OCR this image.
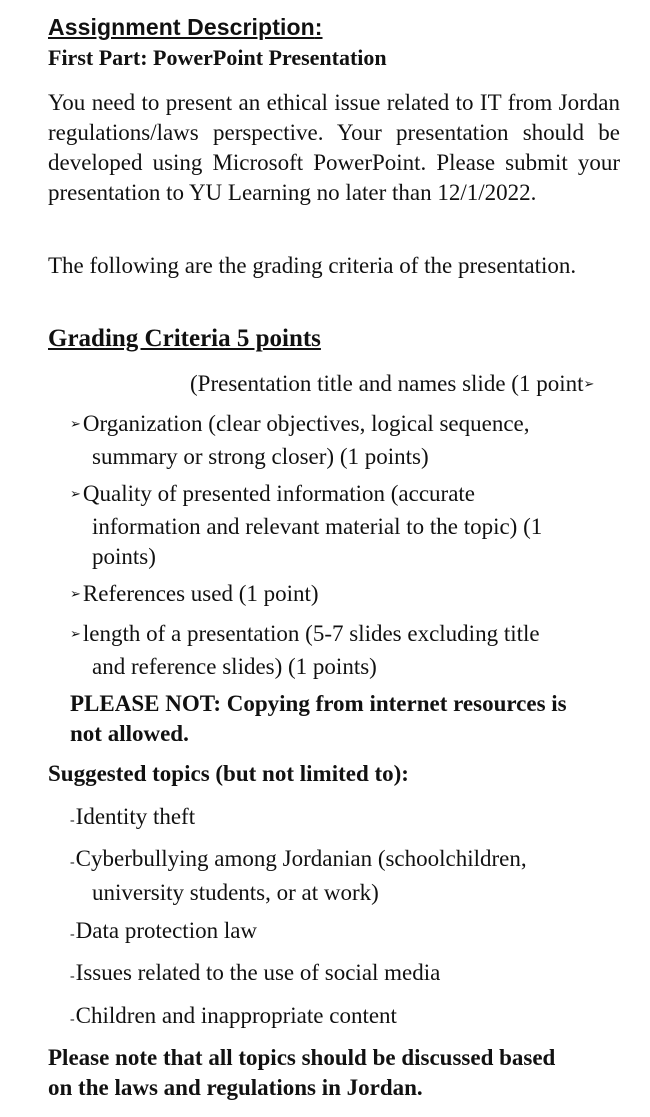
Assignment Description:
First Part: PowerPoint Presentation
You need to present an ethical issue related to IT from Jordan regulations/laws perspective. Your presentation should be developed using Microsoft PowerPoint. Please submit your presentation to YU Learning no later than 12/1/2022.
The following are the grading criteria of the presentation.
Grading Criteria 5 points
(Presentation title and names slide (1 point➢
➢Organization (clear objectives, logical sequence,
summary or strong closer) (1 points)
➢Quality of presented information (accurate
information and relevant material to the topic) (1
points)
➢References used (1 point)
➢length of a presentation (5-7 slides excluding title
and reference slides) (1 points)
PLEASE NOT: Copying from internet resources is
not allowed.
Suggested topics (but not limited to):
-Identity theft
-Cyberbullying among Jordanian (schoolchildren,
university students, or at work)
-Data protection law
-Issues related to the use of social media
-Children and inappropriate content
Please note that all topics should be discussed based
on the laws and regulations in Jordan.
